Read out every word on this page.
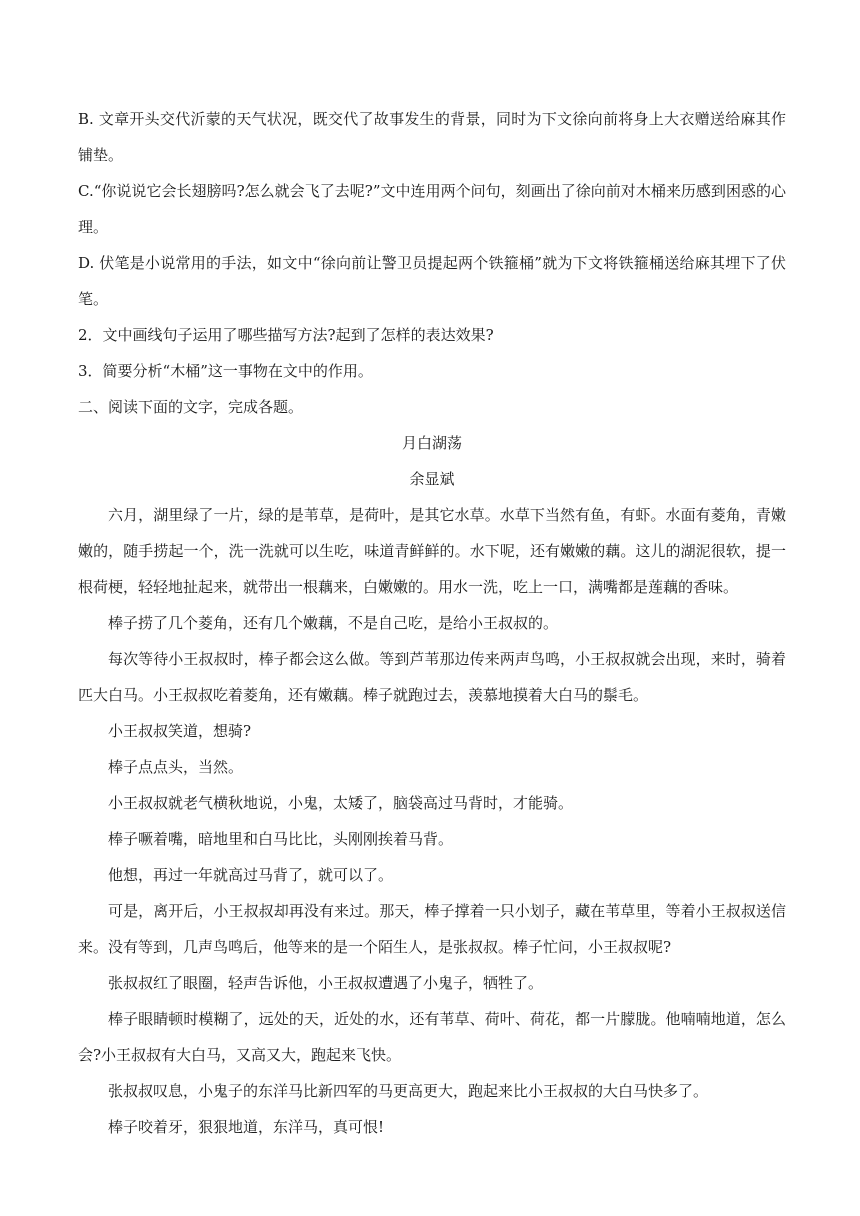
B. 文章开头交代沂蒙的天气状况，既交代了故事发生的背景，同时为下文徐向前将身上大衣赠送给麻其作铺垫。

C.“你说说它会长翅膀吗?怎么就会飞了去呢?”文中连用两个问句，刻画出了徐向前对木桶来历感到困惑的心理。

D. 伏笔是小说常用的手法，如文中“徐向前让警卫员提起两个铁箍桶”就为下文将铁箍桶送给麻其埋下了伏笔。

2．文中画线句子运用了哪些描写方法?起到了怎样的表达效果?

3．简要分析“木桶”这一事物在文中的作用。

二、阅读下面的文字，完成各题。

月白湖荡

余显斌

六月，湖里绿了一片，绿的是苇草，是荷叶，是其它水草。水草下当然有鱼，有虾。水面有菱角，青嫩嫩的，随手捞起一个，洗一洗就可以生吃，味道青鲜鲜的。水下呢，还有嫩嫩的藕。这儿的湖泥很软，提一根荷梗，轻轻地扯起来，就带出一根藕来，白嫩嫩的。用水一洗，吃上一口，满嘴都是莲藕的香味。

棒子捞了几个菱角，还有几个嫩藕，不是自己吃，是给小王叔叔的。

每次等待小王叔叔时，棒子都会这么做。等到芦苇那边传来两声鸟鸣，小王叔叔就会出现，来时，骑着匹大白马。小王叔叔吃着菱角，还有嫩藕。棒子就跑过去，羡慕地摸着大白马的鬃毛。

小王叔叔笑道，想骑?

棒子点点头，当然。

小王叔叔就老气横秋地说，小鬼，太矮了，脑袋高过马背时，才能骑。

棒子噘着嘴，暗地里和白马比比，头刚刚挨着马背。

他想，再过一年就高过马背了，就可以了。

可是，离开后，小王叔叔却再没有来过。那天，棒子撑着一只小划子，藏在苇草里，等着小王叔叔送信来。没有等到，几声鸟鸣后，他等来的是一个陌生人，是张叔叔。棒子忙问，小王叔叔呢?

张叔叔红了眼圈，轻声告诉他，小王叔叔遭遇了小鬼子，牺牲了。

棒子眼睛顿时模糊了，远处的天，近处的水，还有苇草、荷叶、荷花，都一片朦胧。他喃喃地道，怎么会?小王叔叔有大白马，又高又大，跑起来飞快。

张叔叔叹息，小鬼子的东洋马比新四军的马更高更大，跑起来比小王叔叔的大白马快多了。

棒子咬着牙，狠狠地道，东洋马，真可恨!
